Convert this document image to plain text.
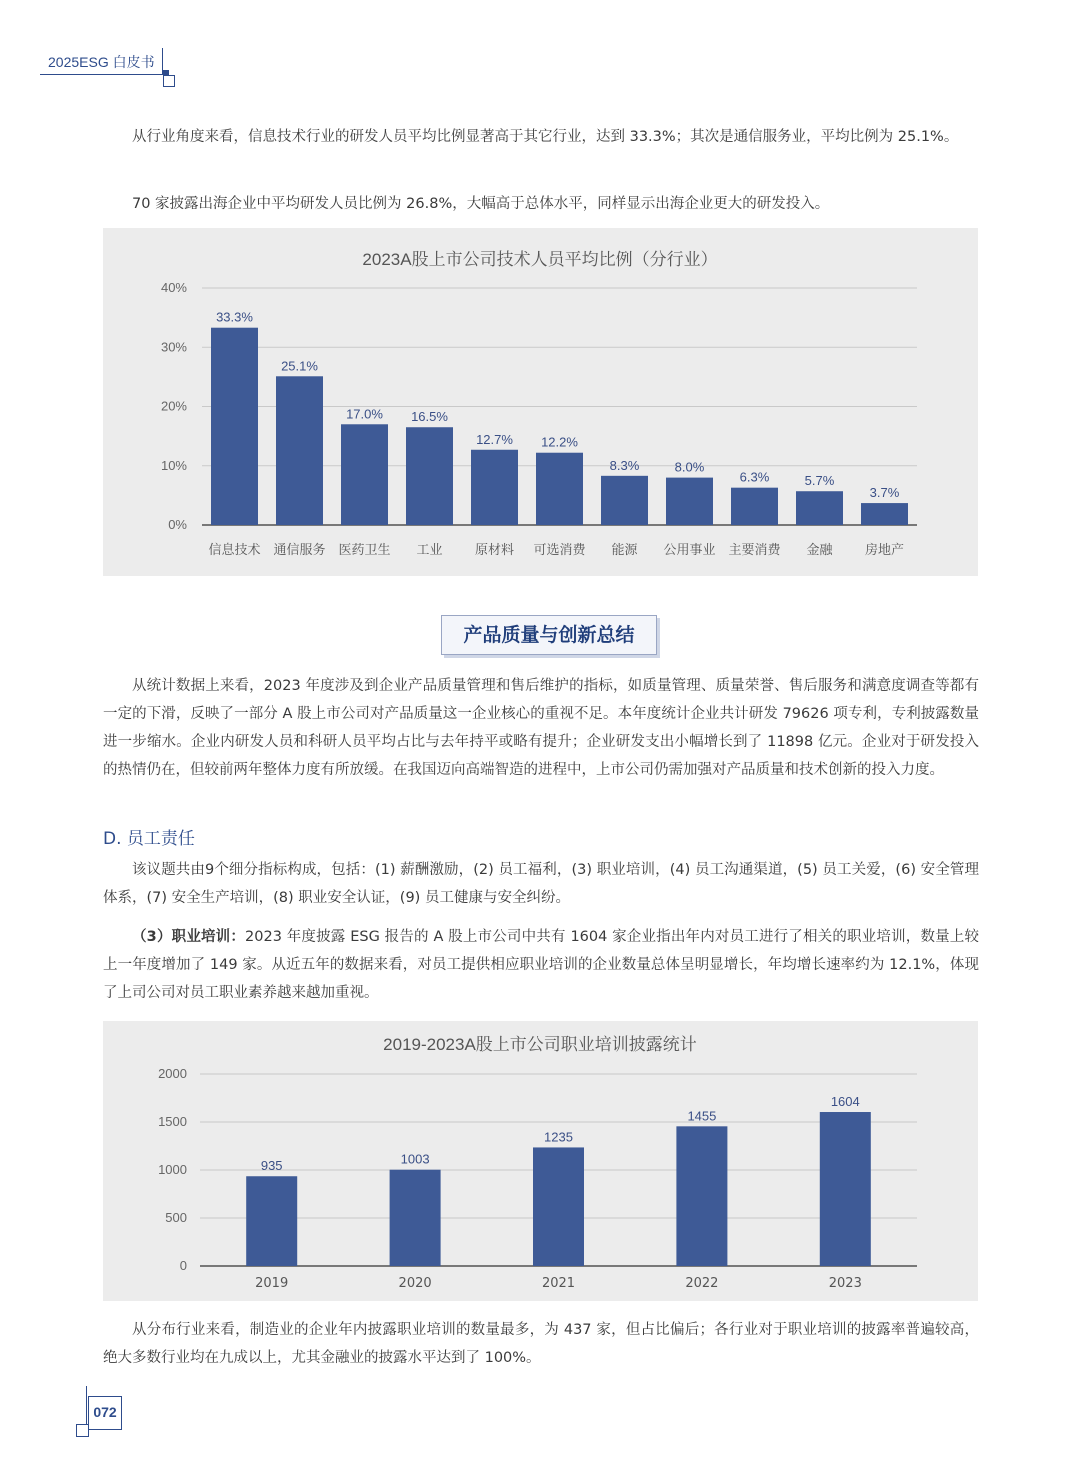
2025ESG 白皮书

从行业角度来看，信息技术行业的研发人员平均比例显著高于其它行业，达到 33.3%；其次是通信服务业，平均比例为 25.1%。

70 家披露出海企业中平均研发人员比例为 26.8%，大幅高于总体水平，同样显示出海企业更大的研发投入。

2023A股上市公司技术人员平均比例（分行业）
0%
10%
20%
30%
40%
33.3%
信息技术
25.1%
通信服务
17.0%
医药卫生
16.5%
工业
12.7%
原材料
12.2%
可选消费
8.3%
能源
8.0%
公用事业
6.3%
主要消费
5.7%
金融
3.7%
房地产
产品质量与创新总结

从统计数据上来看，2023 年度涉及到企业产品质量管理和售后维护的指标，如质量管理、质量荣誉、售后服务和满意度调查等都有一定的下滑，反映了一部分 A 股上市公司对产品质量这一企业核心的重视不足。本年度统计企业共计研发 79626 项专利，专利披露数量进一步缩水。企业内研发人员和科研人员平均占比与去年持平或略有提升；企业研发支出小幅增长到了 11898 亿元。企业对于研发投入的热情仍在，但较前两年整体力度有所放缓。在我国迈向高端智造的进程中，上市公司仍需加强对产品质量和技术创新的投入力度。

D. 员工责任

该议题共由9个细分指标构成，包括：(1) 薪酬激励，(2) 员工福利，(3) 职业培训，(4) 员工沟通渠道，(5) 员工关爱，(6) 安全管理体系，(7) 安全生产培训，(8) 职业安全认证，(9) 员工健康与安全纠纷。

（3）职业培训：2023 年度披露 ESG 报告的 A 股上市公司中共有 1604 家企业指出年内对员工进行了相关的职业培训，数量上较上一年度增加了 149 家。从近五年的数据来看，对员工提供相应职业培训的企业数量总体呈明显增长，年均增长速率约为 12.1%，体现了上司公司对员工职业素养越来越加重视。

2019-2023A股上市公司职业培训披露统计
0
500
1000
1500
2000
935
2019
1003
2020
1235
2021
1455
2022
1604
2023

从分布行业来看，制造业的企业年内披露职业培训的数量最多，为 437 家，但占比偏后；各行业对于职业培训的披露率普遍较高，绝大多数行业均在九成以上，尤其金融业的披露水平达到了 100%。

072
